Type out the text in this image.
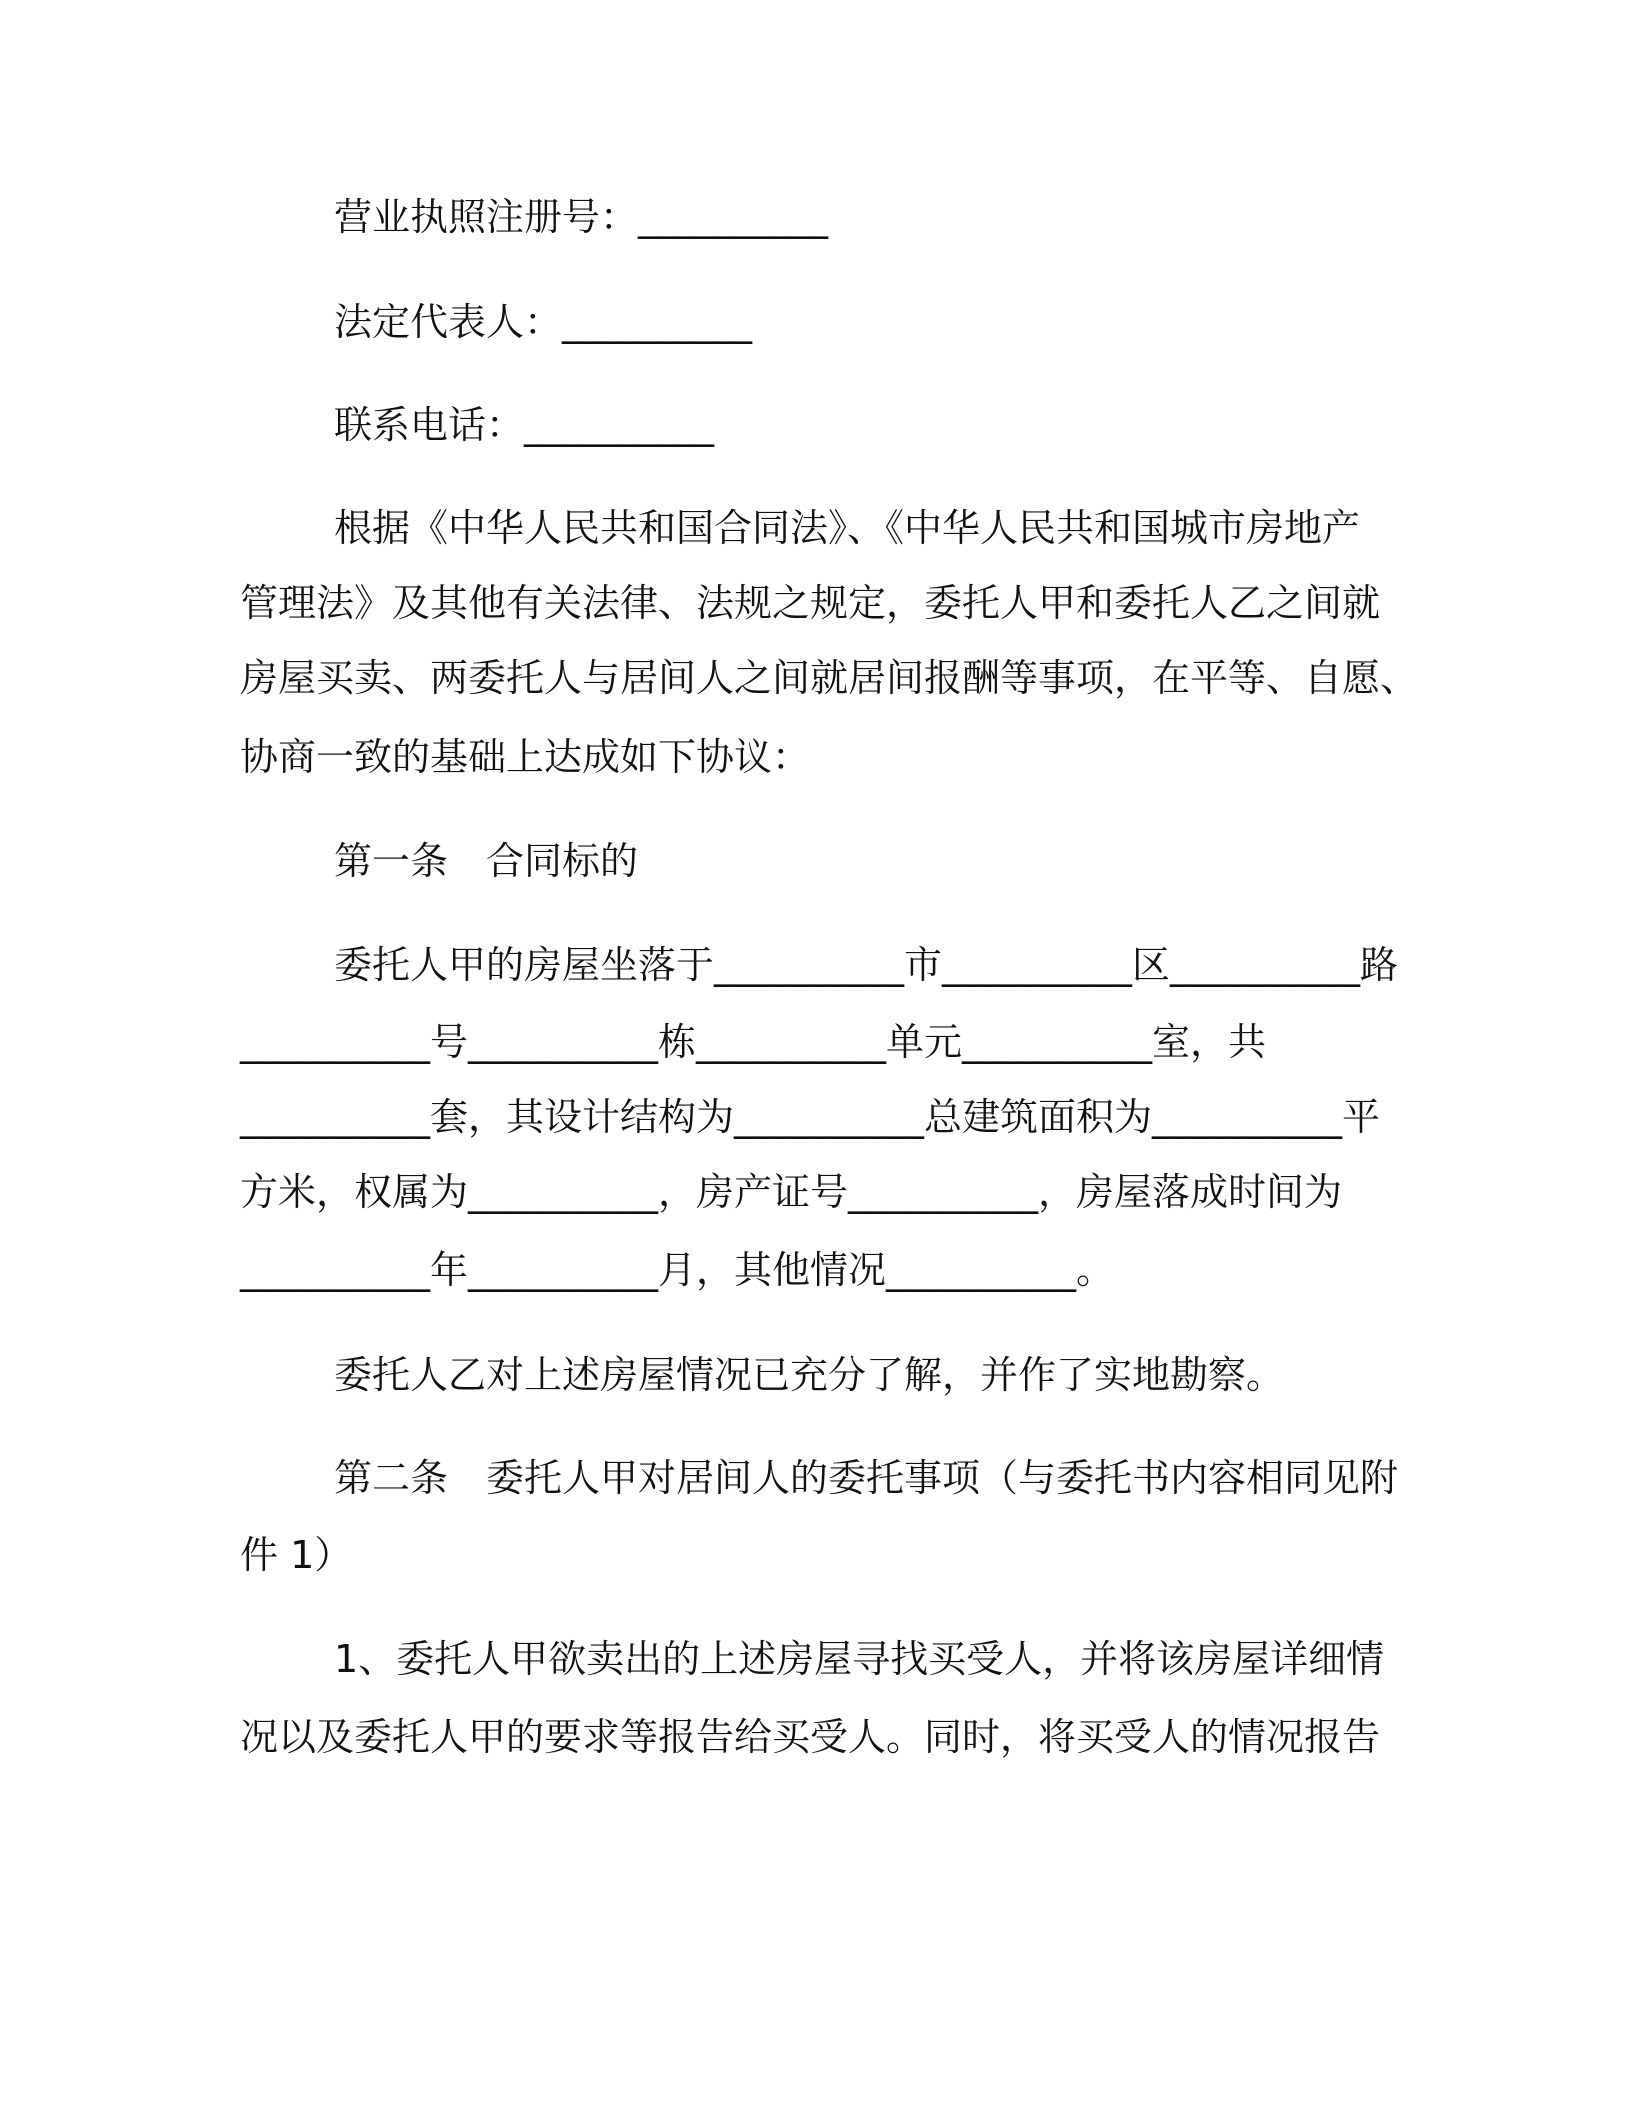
营业执照注册号：__________
法定代表人：__________
联系电话：__________
根据《中华人民共和国合同法》、《中华人民共和国城市房地产
管理法》及其他有关法律、法规之规定，委托人甲和委托人乙之间就
房屋买卖、两委托人与居间人之间就居间报酬等事项，在平等、自愿、
协商一致的基础上达成如下协议：
第一条　合同标的
委托人甲的房屋坐落于__________市__________区__________路
__________号__________栋__________单元__________室，共
__________套，其设计结构为__________总建筑面积为__________平
方米，权属为__________，房产证号__________，房屋落成时间为
__________年__________月，其他情况__________。
委托人乙对上述房屋情况已充分了解，并作了实地勘察。
第二条　委托人甲对居间人的委托事项（与委托书内容相同见附
件 1）
1、委托人甲欲卖出的上述房屋寻找买受人，并将该房屋详细情
况以及委托人甲的要求等报告给买受人。同时，将买受人的情况报告
